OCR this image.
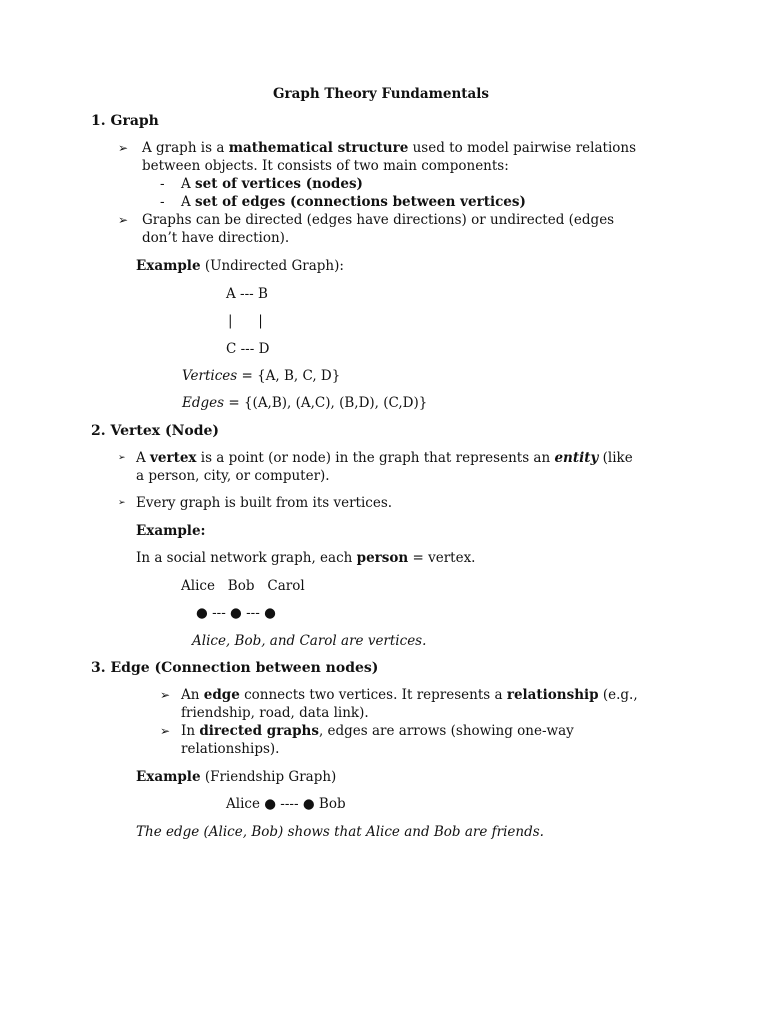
Graph Theory Fundamentals
1. Graph
➢ A graph is a mathematical structure used to model pairwise relations
between objects. It consists of two main components:
- A set of vertices (nodes)
- A set of edges (connections between vertices)
➢ Graphs can be directed (edges have directions) or undirected (edges
don’t have direction).
Example (Undirected Graph):
A --- B
|      |
C --- D
Vertices = {A, B, C, D}
Edges = {(A,B), (A,C), (B,D), (C,D)}
2. Vertex (Node)
➢ A vertex is a point (or node) in the graph that represents an entity (like
a person, city, or computer).
➢ Every graph is built from its vertices.
Example:
In a social network graph, each person = vertex.
Alice   Bob   Carol
● --- ● --- ●
Alice, Bob, and Carol are vertices.
3. Edge (Connection between nodes)
➢ An edge connects two vertices. It represents a relationship (e.g.,
friendship, road, data link).
➢ In directed graphs, edges are arrows (showing one-way
relationships).
Example (Friendship Graph)
Alice ● ---- ● Bob
The edge (Alice, Bob) shows that Alice and Bob are friends.
